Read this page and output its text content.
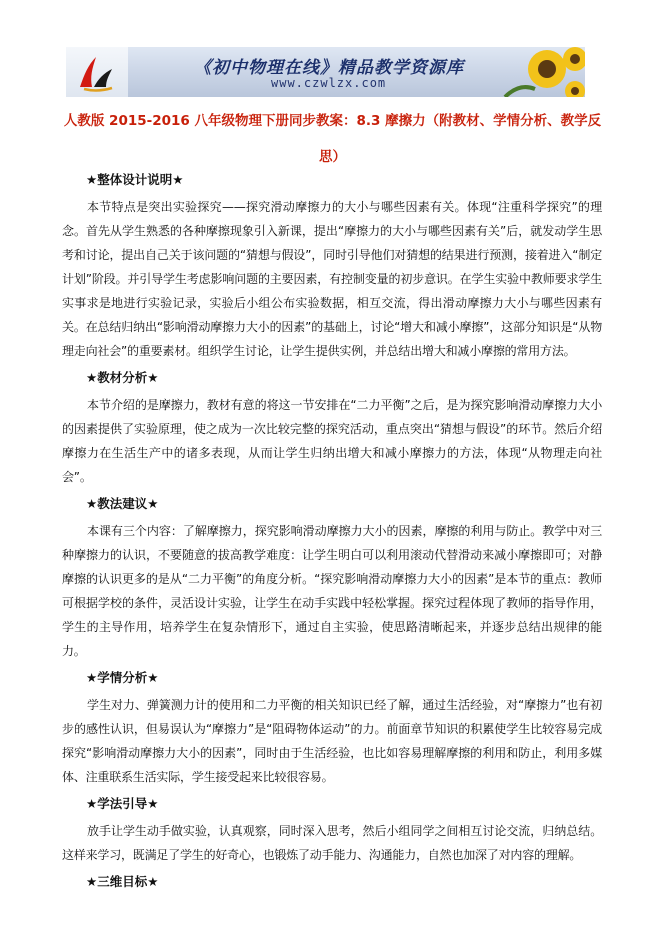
《初中物理在线》精品教学资源库
www.czwlzx.com
人教版 2015-2016 八年级物理下册同步教案：8.3 摩擦力（附教材、学情分析、教学反思）
★整体设计说明★

本节特点是突出实验探究——探究滑动摩擦力的大小与哪些因素有关。体现“注重科学探究”的理念。首先从学生熟悉的各种摩擦现象引入新课，提出“摩擦力的大小与哪些因素有关”后，就发动学生思考和讨论，提出自己关于该问题的“猜想与假设”，同时引导他们对猜想的结果进行预测，接着进入“制定计划”阶段。并引导学生考虑影响问题的主要因素，有控制变量的初步意识。在学生实验中教师要求学生实事求是地进行实验记录，实验后小组公布实验数据，相互交流，得出滑动摩擦力大小与哪些因素有关。在总结归纳出“影响滑动摩擦力大小的因素”的基础上，讨论“增大和减小摩擦”，这部分知识是“从物理走向社会”的重要素材。组织学生讨论，让学生提供实例，并总结出增大和减小摩擦的常用方法。

★教材分析★

本节介绍的是摩擦力，教材有意的将这一节安排在“二力平衡”之后，是为探究影响滑动摩擦力大小的因素提供了实验原理，使之成为一次比较完整的探究活动，重点突出“猜想与假设”的环节。然后介绍摩擦力在生活生产中的诸多表现，从而让学生归纳出增大和减小摩擦力的方法，体现“从物理走向社会”。

★教法建议★

本课有三个内容：了解摩擦力，探究影响滑动摩擦力大小的因素，摩擦的利用与防止。教学中对三种摩擦力的认识，不要随意的拔高教学难度：让学生明白可以利用滚动代替滑动来减小摩擦即可；对静摩擦的认识更多的是从“二力平衡”的角度分析。“探究影响滑动摩擦力大小的因素”是本节的重点：教师可根据学校的条件，灵活设计实验，让学生在动手实践中轻松掌握。探究过程体现了教师的指导作用，学生的主导作用，培养学生在复杂情形下，通过自主实验，使思路清晰起来，并逐步总结出规律的能力。

★学情分析★

学生对力、弹簧测力计的使用和二力平衡的相关知识已经了解，通过生活经验，对“摩擦力”也有初步的感性认识，但易误认为“摩擦力”是“阻碍物体运动”的力。前面章节知识的积累使学生比较容易完成探究“影响滑动摩擦力大小的因素”，同时由于生活经验，也比如容易理解摩擦的利用和防止，利用多媒体、注重联系生活实际，学生接受起来比较很容易。

★学法引导★

放手让学生动手做实验，认真观察，同时深入思考，然后小组同学之间相互讨论交流，归纳总结。这样来学习，既满足了学生的好奇心，也锻炼了动手能力、沟通能力，自然也加深了对内容的理解。

★三维目标★
